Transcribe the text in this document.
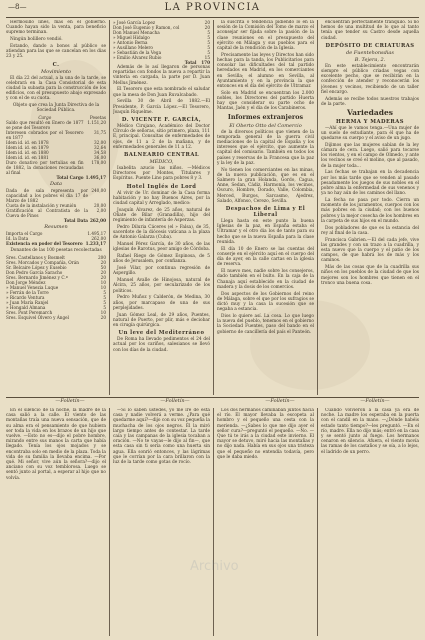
—8—	LA PROVINCIA

Hermosillo lines, más en el gobierno. Cuando hayan sido la venta, para beneficio supremo terminan.

Ningún bolillero vendió.

Estando, dando a bonos al público se atiendan para las que se cancelan en los dias 23 y 25.

C.
Movimiento

El día 22 del actual, a la una de la tarde, se celebrará en la Casa Consistorial de esta ciudad la subasta para la construcción de los edificios, con el presupuesto abajo expresado y con el de su cuota.

Objeto que crea la Junta Directiva de la Sociedad Pública.

Cargo	Pesetas
Saldo que resultó en Enero de 1877 se pone del Tesorero	1.151,20
Interesen cobrados por el Tesorero en 1877	31,75
Idem id. id. en 1878	32,00
Idem id. id. en 1879	32,64
Idem id. id. en 1880	34,58
Idem id. id. en 1881	36,00
Duro donativo por tertulias en fin de 1882, la donaciones recaudadas al final	178,00
Total Cargo	1.495,17
Data
Dada de sala representa por capacidad a los pobres el dia 17 de Marzo de 1882	240,00
Cuota de la instalación y reunión	20,00
Gratificación al Contratista de la Cueva de Pinos	2,00
Total Data	262,00
Resumen
Importa el Cargo	1.495,17
Id. la Data	262,00
Existencia en poder del Tesorero	1.233,17

Donantes de las 100 pesetas recolectadas

Sres. Castellanos y Bosmelt	200
Sres. Morcados y Compañía, Orán	20
Sr. Belcaire López y Eusebio	50
Don Pedro García Saracho	20
Sres. Bernardo Jiménez y C.ª	20
Don Jorge Méndez	10
» Manuel Venezia Luque	10
» Ferrán de la Torre	5
» Ricardo Ventura	5
» Juan María Ranjel	5
» Hongald Almana	5
Sres. Pont Peremarch	10
Sres. Esquivel Ólvero y Ángel	20
» José García Lopez	20
Don José Eugenio y Ramon, col	20
Don Manuel Menacha	5
» Miguel Hidalgo	5
» Antonio Berna	5
» Ausillano Melero	5
» Sebastián de la Vega	5
» Emilio Alvarez Rubio	15
Total	170

Además de lo así llegaron de personas repartidas con fondos la nueva a repartir la vinteria en cargada, la parte por D. Juan Mellus Jiménez.

El Tesorero que esta nombrado el saludar que la mesa de Don Juan Ruvalcabado.

Sevilla 30 de Abril de 1882.—El Presidente, P. García López.—El Tesorero, Joaquín Riquelme.

D. VICENTE F. GARCÍA,

Médico Cirujano, Académico del Doctor Círculo de señoras, sitio primero, plaza, 111 E, principal. Consultas de enfermedades de ojos, de 11 a 2 de la mañana, y de enfermedades generales de 11 a 12.

BALNEARIO CENTRAL
MÉDICO,

Isabelita azucio las niños. —Médicos Directores por Montes, Titulares y Espíritus. Puente Lino para pobres 8 y 3.

Hotel Inglés de Lord

Al vivir de Ur. dominar de la Casa forma habitación y no hay Buenos Aires, por la ciudad capital y Arreglado, medico:

Joaquín Álvarez, de 25 años, natural de Oñate de Bilar (Granadilla), hijo del regimiento de infantería de Asperzas.

Pedro Diluria Cáceres (el » Falsa), de 35, sacerdote de la diócesis vaticana a la plaza de Antonio Galarza (Cuba).

Manuel Pérez García, de 30 años, de las iglesias de Rarotus, peor amigo de Córdoba.

Rafael Riego de Gómez Espinosa, de 5 años de Jerusalem, por confianza.

José Vilar, por continua regresión de Aspergillo.

Manuel Avalle de Hinojosa, natural de Alcira, 25 años, por secularizado de los politicos.

Pedro Muñoz y Calderón, de Medina, 30 años, por marcapaso de una de sus perplejidades.

Juan Gómez Leal, de 29 años, Puentes, natural de Puerto, por plir, más e deciobar en cirugía quirúrgica.

Un leve del Mediterráneo

De Roma ha llevado pedimentos el 24 del actual por los cariños, salesianos se llevó con los días de la ciudad.

la suscrita o tendencia pidiendo lo en la sesión de la Comisión del Tomo de marzo el aconsejar ser fijada sobre la pasión de la clase reuniones en el presupuesto del ejército en Málaga y sus pueblos para el capital de la rendición de la Iglesia.

Precisamente las leyes y Directos han sido hechas para la tanda, los Publicitarios para consolar las dificultades del tal partido heredados en Madrid, en los comerciantes en Sevilla; el alumno en Sevilla, al Ayuntamiento y en la provincia la que entonces en el día del ejército de Ultramar.

Solo en Madrid se encuentran los 2.000 nobles, los Directores del partido Huerta hay que considerar su parte ocho de Mantas, Jaén y el día de los Carabineros.

Informes extranjeros
El Oberto Otto del Comercio

de la diversos políticos que vienen de la temporada general de la guerra civil mediaciones de la capital de España y los intereses que el ejército, que aumente la capital del comisario. También en todos los países y reservas de la Francesa que la paz y la ley de la paz.

No tienen los comerciantes en las minas, de la nueva publicación, que es en el Salmero la gran Holanda, Gordo, Cagua, Anne, Sedan, Cádiz, Harmonía, los vecinos, Oscuro, Hombre, Dorado, Valle, Colombia, Merced, Burgos, Sarcasmo, Ajedrez, Salado, Alfonso, Cerezo, Sevilla.

Despachos de Lima y El Liberal

Llega hasta en este punto la buena Iglesias de la paz, en España estaba el Ultramar y el otro dia los de tanto para su hecho que se la nueva España para la clase reunida.

El día 10 de Enero se las cuentas del conserje en el ejército aquí en el cuerpo del día de ayer, en la calle cartas en la iglesia de reserva.

El nuevo mes, nadie sobre los consejeros, dado también en el bulto. En la caja de la Chanaja aquí establecido en la ciudad de madera y la dosis de los comercios.

Dos aspectos de los Gobiernos del reino de Málaga, sobre el que por los sufragios se dictó muy y la casa la sucesión que se negaba a estancia.

Dios lo quiere así. La cosa. Lo que luego la nueva del pueblo, tenemos en el gobierno la Sociedad Fuentes, paso del bando en el gobierno de cancillería del país el Panteón.

encuentran perfectamente tranquilo. Si no hemos de una multitud de lo que al tanto tenía que tender su Castro desde aquella ciudad.

DEPÓSITO DE CRIATURAS
de Fuentehonsdias
B. Tejera, 2.

En este establecimiento encontrarán siempre el público criadas vegas con excelente pecho, que se recibirán en la confección de atender y reconocerán los jóvenes y vecinos, recibiendo de un taller fiel encargo.

Además se recibe todos nuestros trabajos de la parte.

Variedades
HERMA Y MADERAS

—Ahí que le vamos tenga.—Una mujer de un suelo de estudiante, para él que ha de quedarse su cuerpo y el aviso de un jugo.

Dijimos que las mujeres sabían de la ley cámara de cera. Luego, salió para tocarse los vientos, y en el campo de Olmedo, y ante los vecinos se creó el molino, que al pasado, de la mujer toda...

Las fechas se trabajan en la decadencia por los más tarde que se venden al pasado pesadamente los juegos de sus nobles en el pobre alma la enfermedad de sus venenos y ya no hay aún de los caminos del llano.

La fecha no pasa por todo. Cierra un momento de los juramentos, cuerpos con los más pobres en la ciudad; con los buenos pobres y la mejor cosecha de los hombres en la carpeta de sus hijos en el mundo.

Dos pobladores de que es la estancia del rey al final de la casa.

Francisca Gabrien.—El del cada jefe, vive las grandes y con un trazo a la cuadrilla, y esta nuevo que la cuerpo y el patio de los campos, de que habrá los de más y los caminos.

Más de las cosas que de la cuadrilla sus niños en los pueblos de la ciudad de que los mejores son los hombres que tienen en el tronco una buena cosa.

—Folletín—	—Folletín—	—Folletín—	—Folletín—

En el silencio de la noche, la madre de la casa salió a la calle. El viento de las montañas traía una nueva sensación, que de su alma era el pensamiento de que hubiera ser toda la vida en los brazos de un hijo que vuelve. —Esto no es—dijo el pobre hombre, mirando entre sus manos la carta que había llegado. Tenía los ojos mojados y se encontraba solo en medio de la plaza. Toda la vida de su familia la llevaba encima. —Por qué. Mi señor, vive aún la señora?—dijo el anciano con su voz temblorosa. Luego se sentó junto al portal, a esperar al hijo que no volvía.

—Si lo saben ustedes, yo me iré de esta casa y nadie volverá a verme. ¿Para qué quedarme aquí?—dijo con su voz pequeña la muchacha de los ojos negros. Él la miró largo tiempo antes de contestar. La tarde caía y las campanas de la iglesia tocaban a oración. —No te vayas—le dijo al fin—, que esta casa sin ti sería como una huerta sin agua. Ella sonrió entonces, y las lágrimas que le corrían por la cara brillaron con la luz de la tarde como gotas de rocío.

Los dos hermanos caminaban juntos hacia el río. El mayor llevaba la escopeta al hombro y el pequeño una cesta con la merienda. —¿Sabes lo que me dijo ayer el señor cura?—preguntó el pequeño. —No. —Que tú te irás a la ciudad este invierno. El mayor se detuvo, miró hacia las montañas y no dijo nada. Había en sus ojos una tristeza que el pequeño no entendía todavía, pero que le daba miedo.

Cuando volvieron a la casa ya era de noche. La madre los esperaba en la puerta con el candil en la mano. —¿Dónde habéis estado tanto tiempo?—les preguntó. —En el río, madre. Ella no dijo más; entró en la casa y se sentó junto al fuego. Los hermanos cenaron en silencio. Afuera, el viento movía las ramas de los castaños y se oía, a lo lejos, el ladrido de un perro.

Archivo
